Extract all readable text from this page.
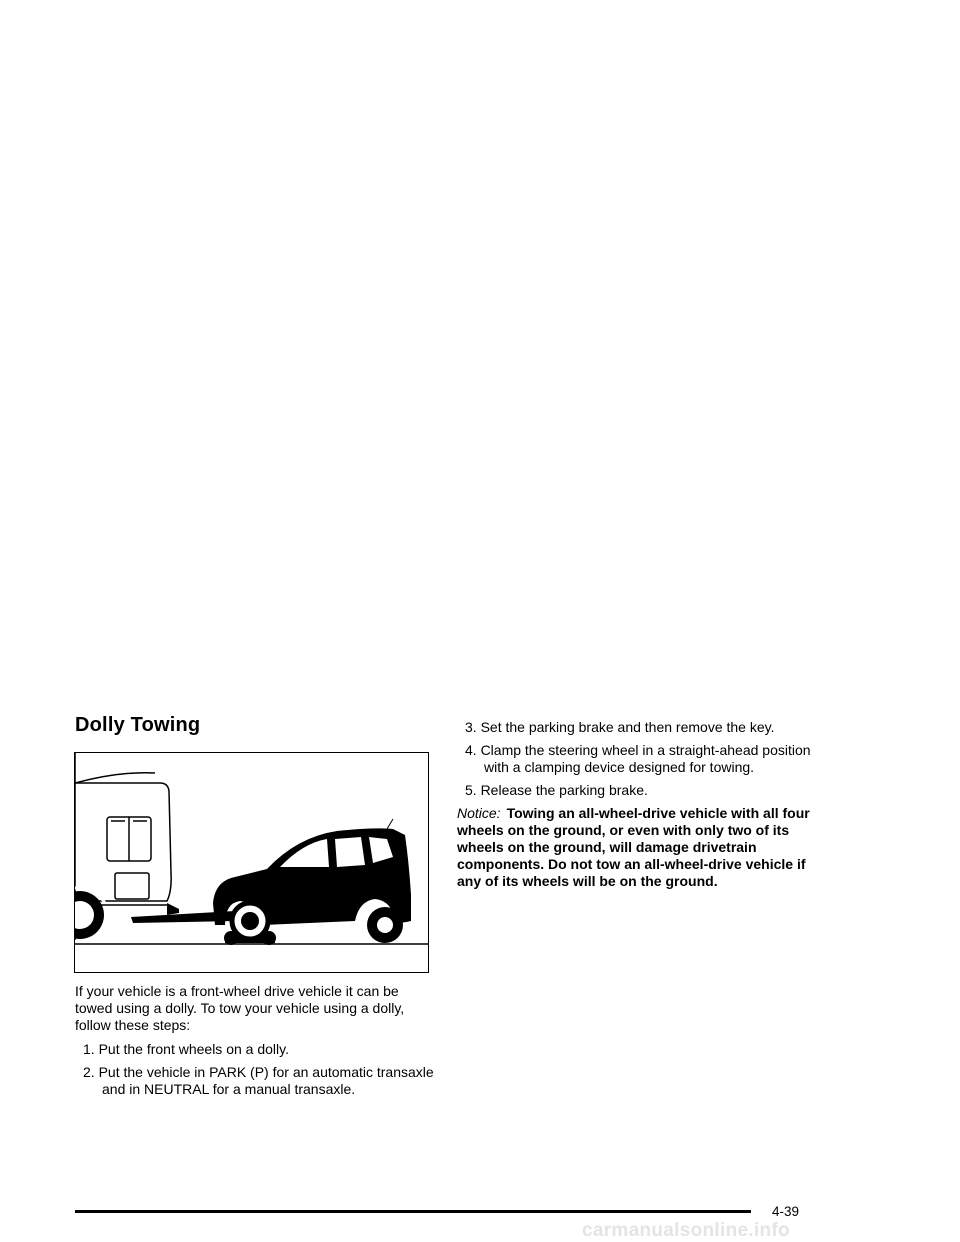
Dolly Towing

If your vehicle is a front-wheel drive vehicle it can be towed using a dolly. To tow your vehicle using a dolly, follow these steps:

1. Put the front wheels on a dolly.

2. Put the vehicle in PARK (P) for an automatic transaxle and in NEUTRAL for a manual transaxle.

3. Set the parking brake and then remove the key.

4. Clamp the steering wheel in a straight-ahead position with a clamping device designed for towing.

5. Release the parking brake.

Notice: Towing an all-wheel-drive vehicle with all four wheels on the ground, or even with only two of its wheels on the ground, will damage drivetrain components. Do not tow an all-wheel-drive vehicle if any of its wheels will be on the ground.

4-39
carmanualsonline.info
